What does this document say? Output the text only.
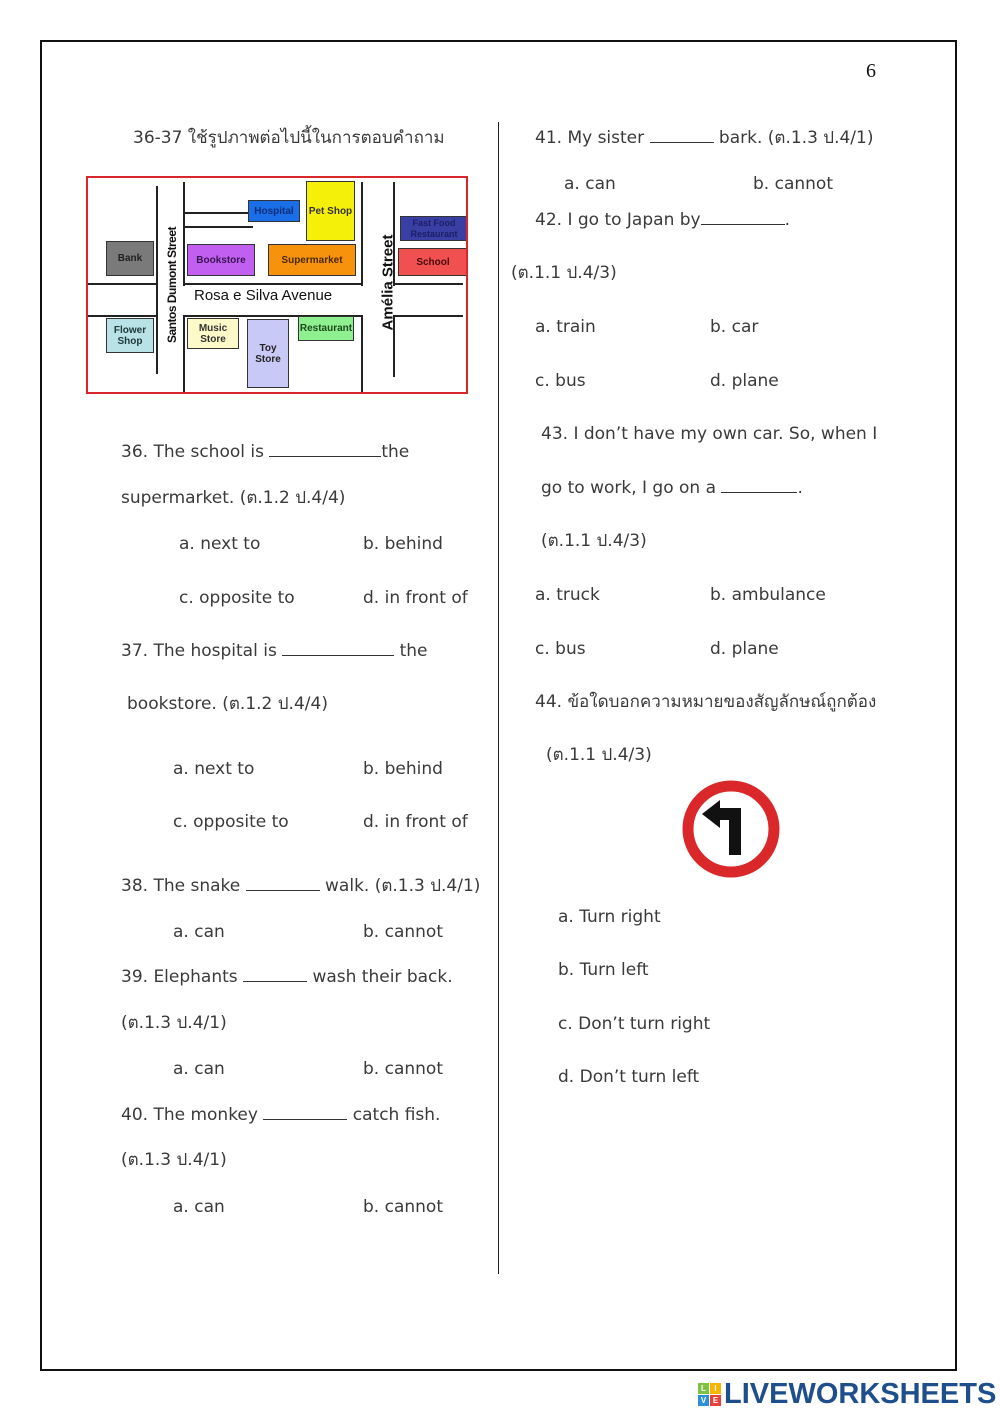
6
36-37 ใช้รูปภาพต่อไปนี้ในการตอบคำถาม
Hospital	Pet Shop
Fast Food
Restaurant
Bank	Bookstore	Supermarket	School
Flower
Shop
Music
Store
Toy
Store
Restaurant
Rosa e Silva Avenue
Santos Dumont Street	Amélia Street
36. The school is	the
supermarket. (ต.1.2 ป.4/4)
a. next to	b. behind
c. opposite to	d. in front of
37. The hospital is	the
bookstore. (ต.1.2 ป.4/4)
a. next to	b. behind
c. opposite to	d. in front of
38. The snake	walk. (ต.1.3 ป.4/1)
a. can	b. cannot
39. Elephants	wash their back.
(ต.1.3 ป.4/1)
a. can	b. cannot
40. The monkey	catch fish.
(ต.1.3 ป.4/1)
a. can	b. cannot
41. My sister	bark. (ต.1.3 ป.4/1)
a. can	b. cannot
42. I go to Japan by	.
(ต.1.1 ป.4/3)
a. train	b. car
c. bus	d. plane
43. I don’t have my own car. So, when I
go to work, I go on a	.
(ต.1.1 ป.4/3)
a. truck	b. ambulance
c. bus	d. plane
44. ข้อใดบอกความหมายของสัญลักษณ์ถูกต้อง
(ต.1.1 ป.4/3)
a. Turn right
b. Turn left
c. Don’t turn right
d. Don’t turn left
L	I
V E LIVEWORKSHEETS
